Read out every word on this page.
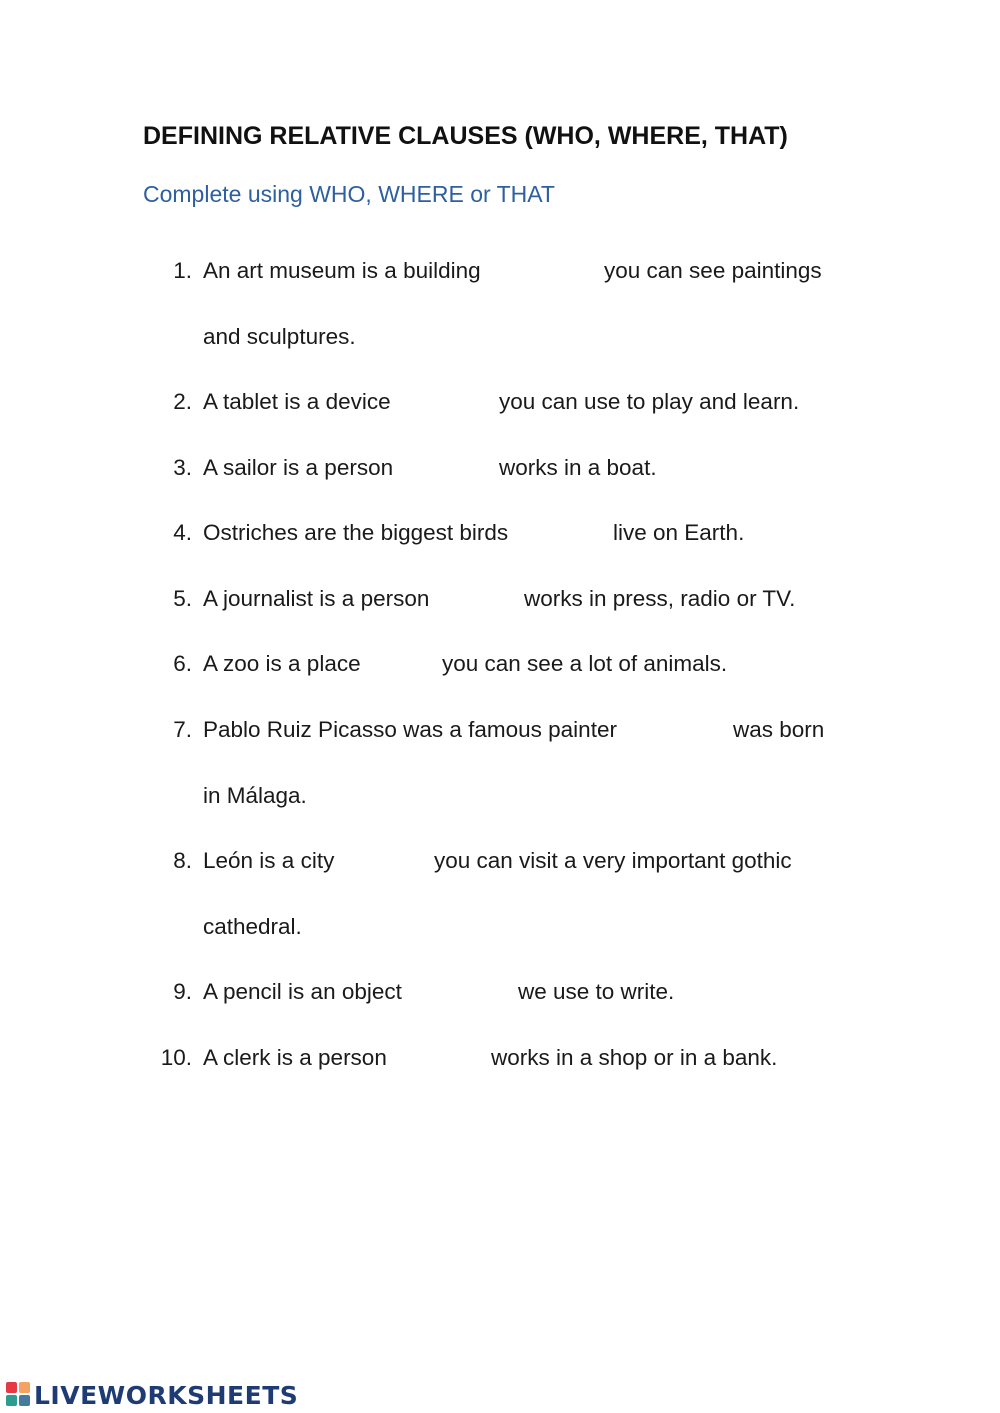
DEFINING RELATIVE CLAUSES (WHO, WHERE, THAT)
Complete using WHO, WHERE or THAT
1. An art museum is a building	you can see paintings
and sculptures.
2. A tablet is a device	you can use to play and learn.
3. A sailor is a person	works in a boat.
4. Ostriches are the biggest birds	live on Earth.
5. A journalist is a person	works in press, radio or TV.
6. A zoo is a place	you can see a lot of animals.
7. Pablo Ruiz Picasso was a famous painter	was born
in Málaga.
8. León is a city	you can visit a very important gothic
cathedral.
9. A pencil is an object	we use to write.
10. A clerk is a person	works in a shop or in a bank.
LIVEWORKSHEETS
